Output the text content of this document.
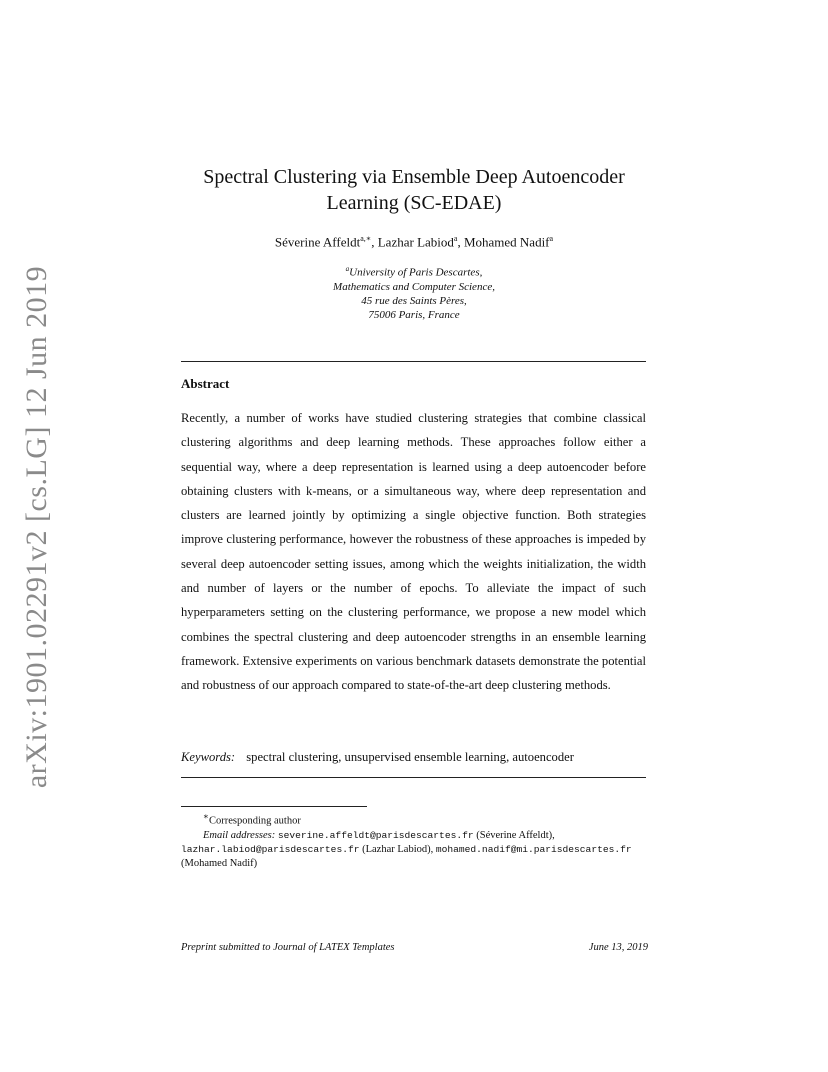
arXiv:1901.02291v2 [cs.LG] 12 Jun 2019
Spectral Clustering via Ensemble Deep Autoencoder
Learning (SC-EDAE)
Séverine Affeldt$^{a,∗}$, Lazhar Labiod$^a$, Mohamed Nadif$^a$
$^a$University of Paris Descartes,
Mathematics and Computer Science,
45 rue des Saints Pères,
75006 Paris, France
Abstract
Recently, a number of works have studied clustering strategies that combine classical clustering algorithms and deep learning methods. These approaches follow either a sequential way, where a deep representation is learned using a deep autoencoder before obtaining clusters with k-means, or a simultaneous way, where deep representation and clusters are learned jointly by optimizing a single objective function. Both strategies improve clustering performance, however the robustness of these approaches is impeded by several deep autoencoder setting issues, among which the weights initialization, the width and number of layers or the number of epochs. To alleviate the impact of such hyperparameters setting on the clustering performance, we propose a new model which combines the spectral clustering and deep autoencoder strengths in an ensemble learning framework. Extensive experiments on various benchmark datasets demonstrate the potential and robustness of our approach compared to state-of-the-art deep clustering methods.
Keywords: spectral clustering, unsupervised ensemble learning, autoencoder
∗Corresponding author
Email addresses: severine.affeldt@parisdescartes.fr (Séverine Affeldt),
lazhar.labiod@parisdescartes.fr (Lazhar Labiod), mohamed.nadif@mi.parisdescartes.fr
(Mohamed Nadif)
Preprint submitted to Journal of LATEX Templates	June 13, 2019
